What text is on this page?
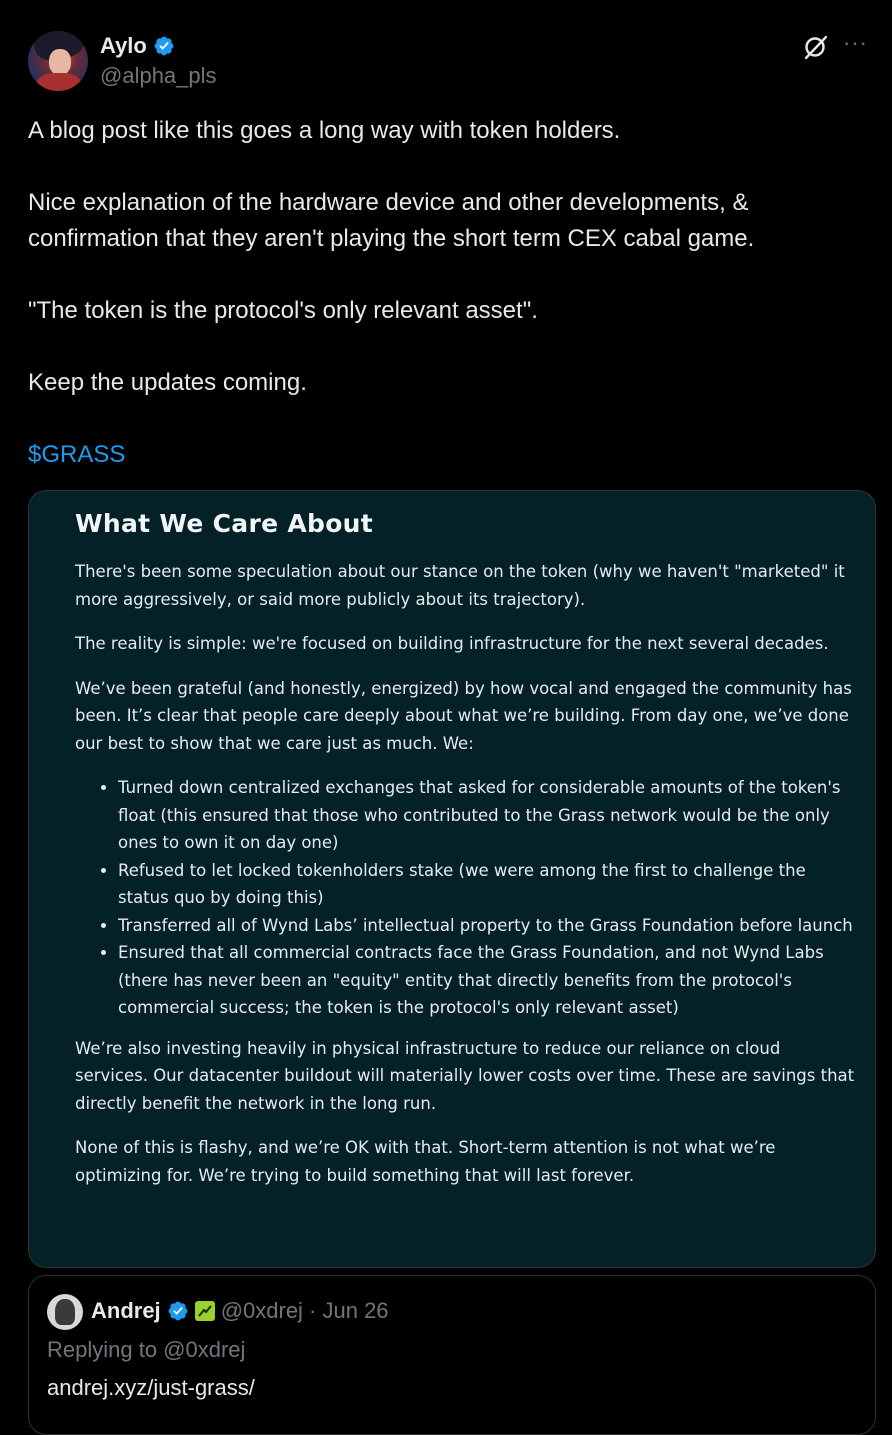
Aylo
@alpha_pls
···

A blog post like this goes a long way with token holders.

Nice explanation of the hardware device and other developments, & confirmation that they aren't playing the short term CEX cabal game.

"The token is the protocol's only relevant asset".

Keep the updates coming.

$GRASS

What We Care About

There's been some speculation about our stance on the token (why we haven't "marketed" it more aggressively, or said more publicly about its trajectory).

The reality is simple: we're focused on building infrastructure for the next several decades.

We’ve been grateful (and honestly, energized) by how vocal and engaged the community has been. It’s clear that people care deeply about what we’re building. From day one, we’ve done our best to show that we care just as much. We:

• Turned down centralized exchanges that asked for considerable amounts of the token's float (this ensured that those who contributed to the Grass network would be the only ones to own it on day one)
• Refused to let locked tokenholders stake (we were among the first to challenge the status quo by doing this)
• Transferred all of Wynd Labs’ intellectual property to the Grass Foundation before launch
• Ensured that all commercial contracts face the Grass Foundation, and not Wynd Labs (there has never been an "equity" entity that directly benefits from the protocol's commercial success; the token is the protocol's only relevant asset)

We’re also investing heavily in physical infrastructure to reduce our reliance on cloud services. Our datacenter buildout will materially lower costs over time. These are savings that directly benefit the network in the long run.

None of this is flashy, and we’re OK with that. Short-term attention is not what we’re optimizing for. We’re trying to build something that will last forever.

Andrej	@0xdrej · Jun 26
Replying to @0xdrej
andrej.xyz/just-grass/
